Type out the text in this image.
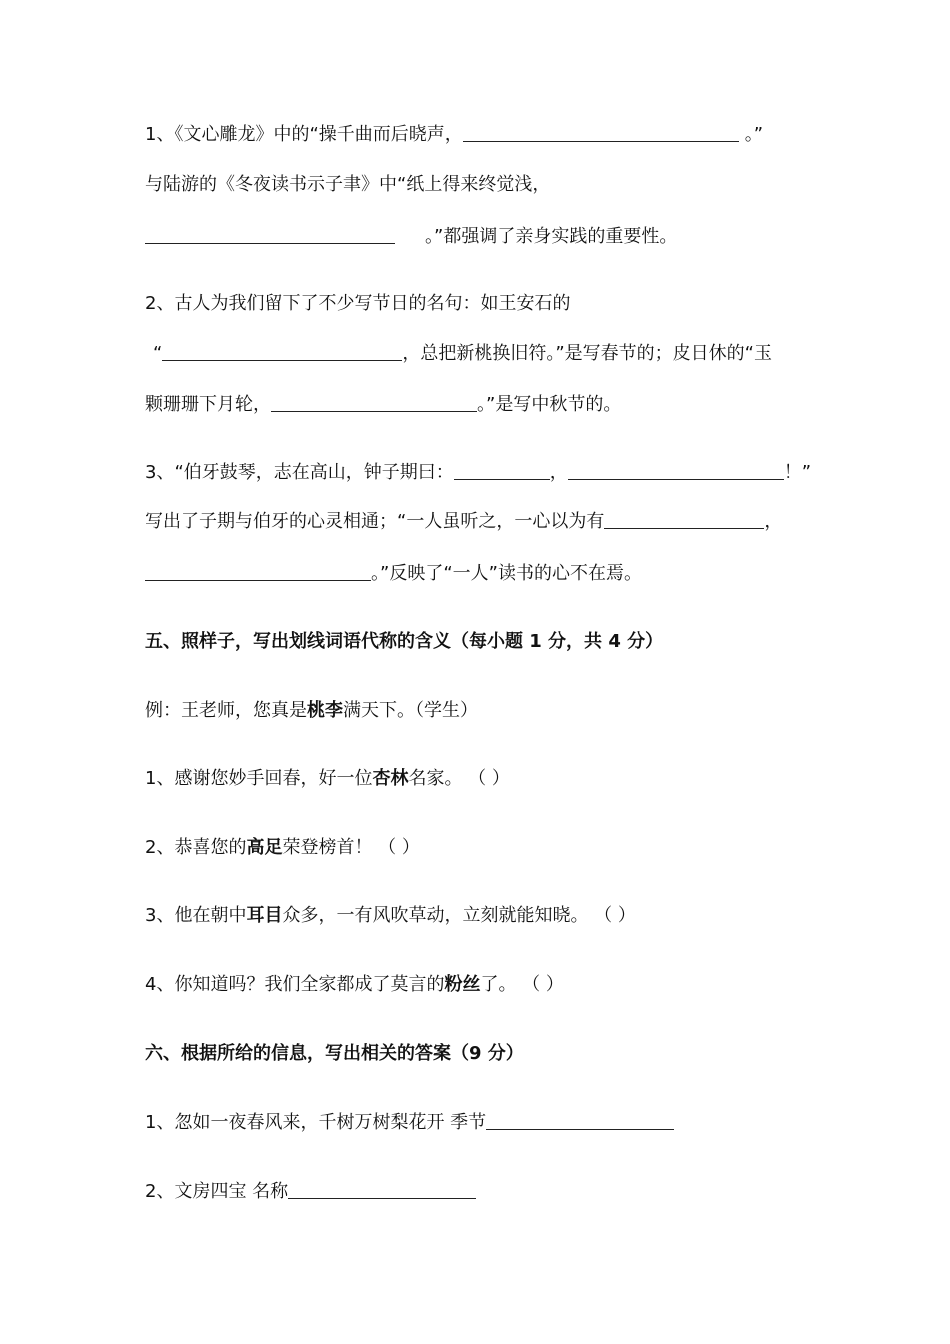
1、《文心雕龙》中的“操千曲而后晓声，	。”
与陆游的《冬夜读书示子聿》中“纸上得来终觉浅，
。”都强调了亲身实践的重要性。
2、古人为我们留下了不少写节日的名句：如王安石的
“	，总把新桃换旧符。”是写春节的；皮日休的“玉
颗珊珊下月轮，	。”是写中秋节的。
3、“伯牙鼓琴，志在高山，钟子期曰：	，	！”
写出了子期与伯牙的心灵相通；“一人虽听之，一心以为有	，
。”反映了“一人”读书的心不在焉。
五、照样子，写出划线词语代称的含义（每小题 1 分，共 4 分）
例：王老师，您真是桃李满天下。（学生）
1、感谢您妙手回春，好一位杏林名家。 （ ）
2、恭喜您的高足荣登榜首！ （ ）
3、他在朝中耳目众多，一有风吹草动，立刻就能知晓。 （ ）
4、你知道吗？我们全家都成了莫言的粉丝了。 （ ）
六、根据所给的信息，写出相关的答案（9 分）
1、忽如一夜春风来，千树万树梨花开 季节
2、文房四宝 名称
